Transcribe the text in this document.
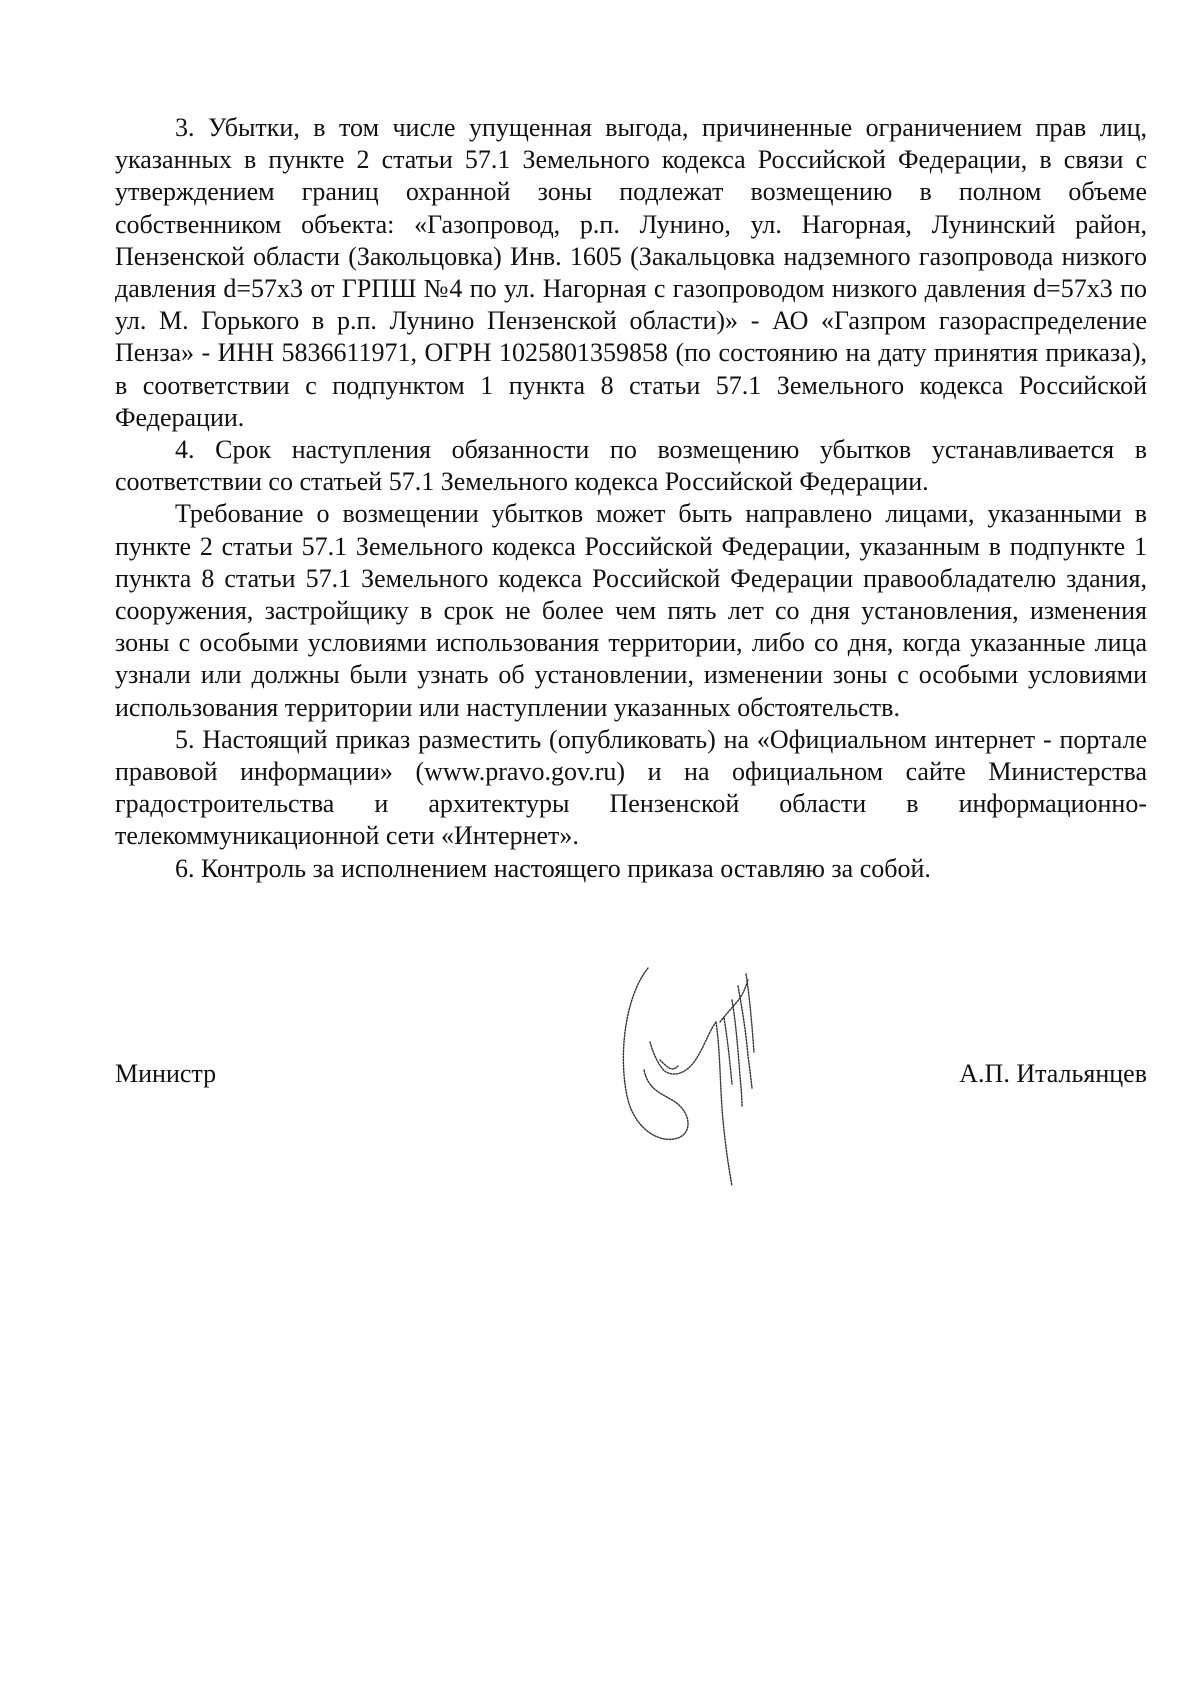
3. Убытки, в том числе упущенная выгода, причиненные ограничением прав лиц, указанных в пункте 2 статьи 57.1 Земельного кодекса Российской Федерации, в связи с утверждением границ охранной зоны подлежат возмещению в полном объеме собственником объекта: «Газопровод, р.п. Лунино, ул. Нагорная, Лунинский район, Пензенской области (Закольцовка) Инв. 1605 (Закальцовка надземного газопровода низкого давления d=57x3 от ГРПШ №4 по ул. Нагорная с газопроводом низкого давления d=57x3 по ул. М. Горького в р.п. Лунино Пензенской области)» - АО «Газпром газораспределение Пенза» - ИНН 5836611971, ОГРН 1025801359858 (по состоянию на дату принятия приказа), в соответствии с подпунктом 1 пункта 8 статьи 57.1 Земельного кодекса Российской Федерации.

4. Срок наступления обязанности по возмещению убытков устанавливается в соответствии со статьей 57.1 Земельного кодекса Российской Федерации.

Требование о возмещении убытков может быть направлено лицами, указанными в пункте 2 статьи 57.1 Земельного кодекса Российской Федерации, указанным в подпункте 1 пункта 8 статьи 57.1 Земельного кодекса Российской Федерации правообладателю здания, сооружения, застройщику в срок не более чем пять лет со дня установления, изменения зоны с особыми условиями использования территории, либо со дня, когда указанные лица узнали или должны были узнать об установлении, изменении зоны с особыми условиями использования территории или наступлении указанных обстоятельств.

5. Настоящий приказ разместить (опубликовать) на «Официальном интернет - портале правовой информации» (www.pravo.gov.ru) и на официальном сайте Министерства градостроительства и архитектуры Пензенской области в информационно-телекоммуникационной сети «Интернет».

6. Контроль за исполнением настоящего приказа оставляю за собой.

Министр	А.П. Итальянцев
